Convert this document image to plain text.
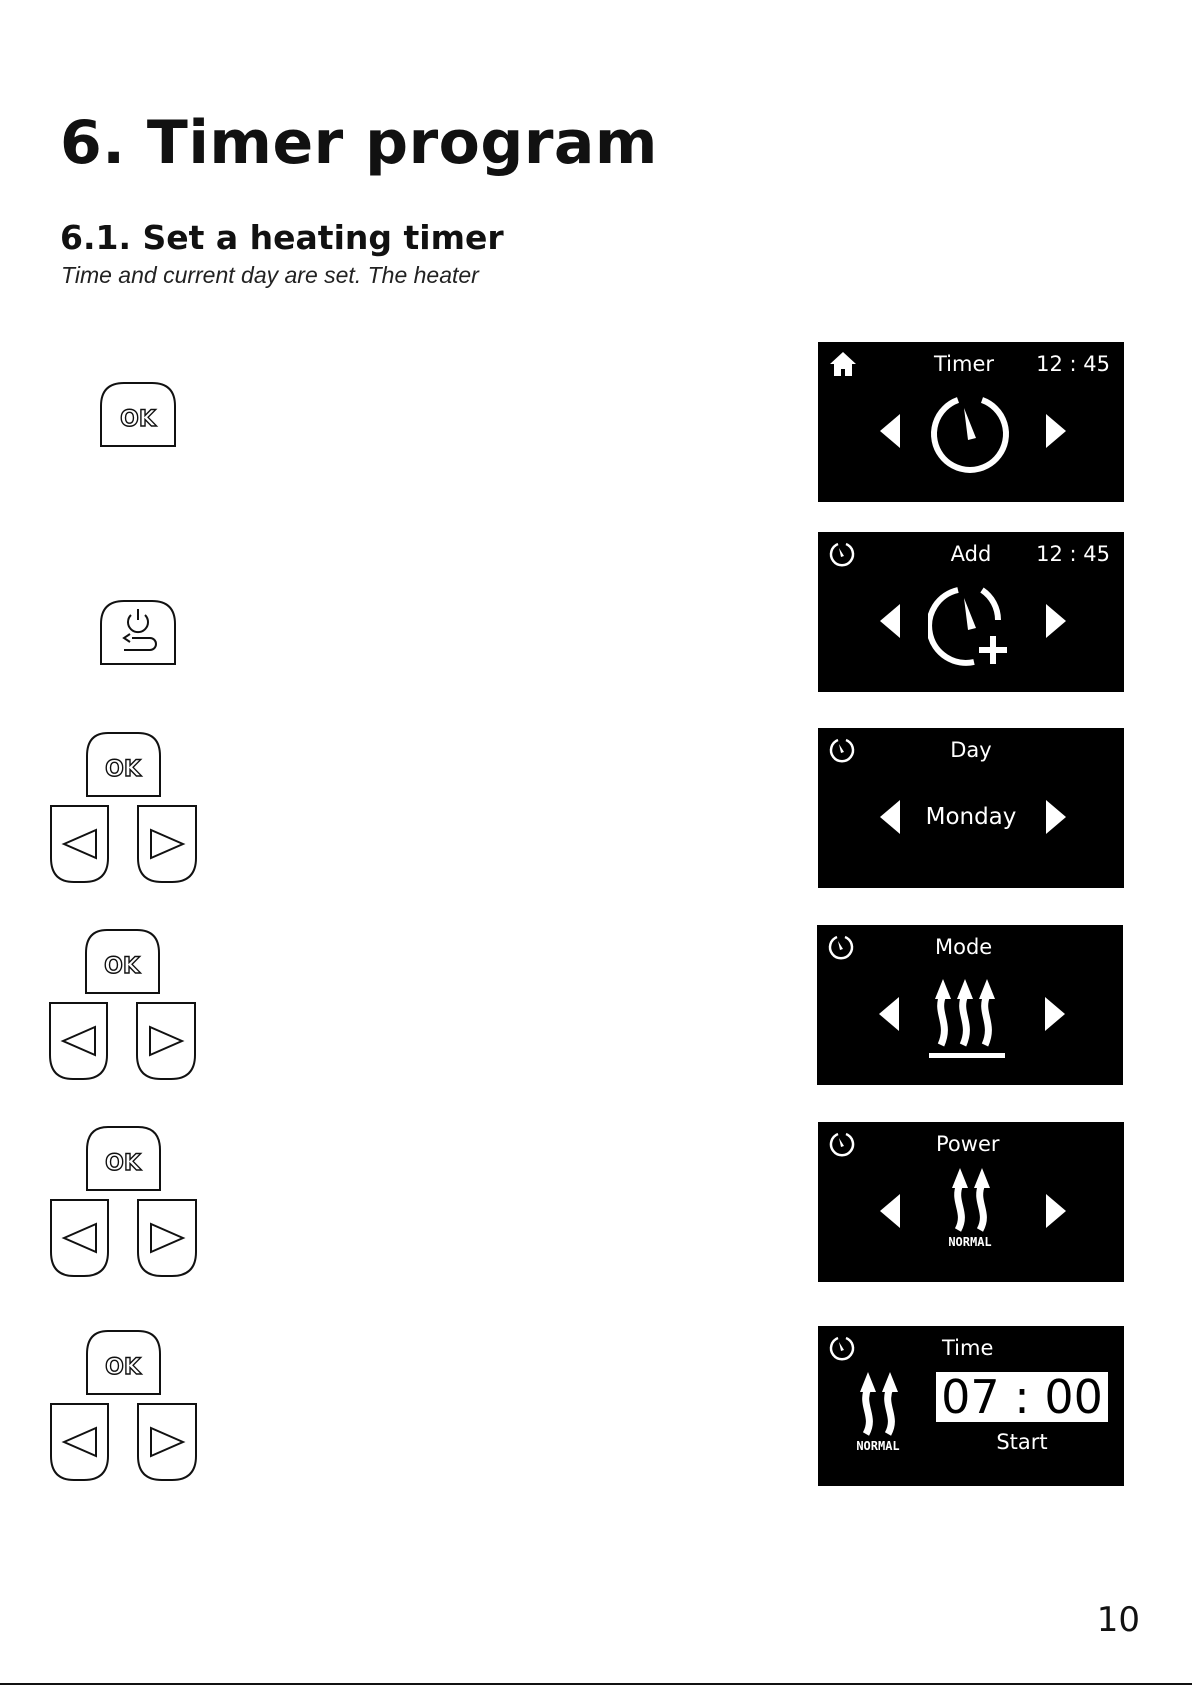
6. Timer program
6.1. Set a heating timer
Time and current day are set. The heater
OK
OK
OK
OK
OK
Timer 12 : 45
Add	12 : 45
Day
Monday
Mode
Power
NORMAL
Time
NORMAL
07 : 00
Start
10
